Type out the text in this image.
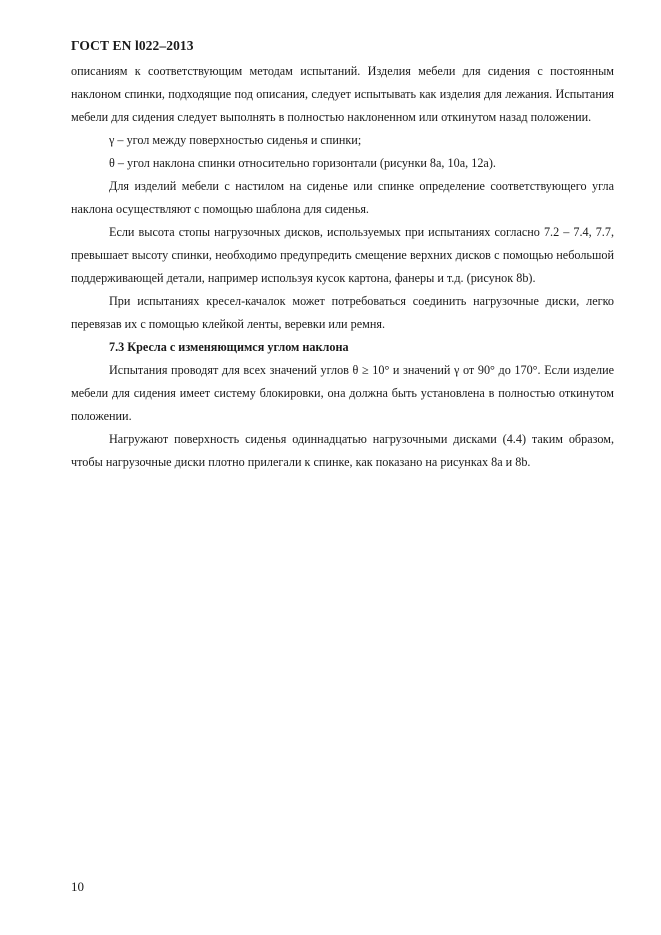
ГОСТ EN l022–2013

описаниям к соответствующим методам испытаний. Изделия мебели для сидения с постоянным наклоном спинки, подходящие под описания, следует испытывать как изделия для лежания. Испытания мебели для сидения следует выполнять в полностью наклоненном или откинутом назад положении.

γ – угол между поверхностью сиденья и спинки;

θ – угол наклона спинки относительно горизонтали (рисунки 8а, 10а, 12а).

Для изделий мебели с настилом на сиденье или спинке определение соответствующего угла наклона осуществляют с помощью шаблона для сиденья.

Если высота стопы нагрузочных дисков, используемых при испытаниях согласно 7.2 – 7.4, 7.7, превышает высоту спинки, необходимо предупредить смещение верхних дисков с помощью небольшой поддерживающей детали, например используя кусок картона, фанеры и т.д. (рисунок 8b).

При испытаниях кресел-качалок может потребоваться соединить нагрузочные диски, легко перевязав их с помощью клейкой ленты, веревки или ремня.

7.3 Кресла с изменяющимся углом наклона

Испытания проводят для всех значений углов θ ≥ 10° и значений γ от 90° до 170°. Если изделие мебели для сидения имеет систему блокировки, она должна быть установлена в полностью откинутом положении.

Нагружают поверхность сиденья одиннадцатью нагрузочными дисками (4.4) таким образом, чтобы нагрузочные диски плотно прилегали к спинке, как показано на рисунках 8а и 8b.

10
